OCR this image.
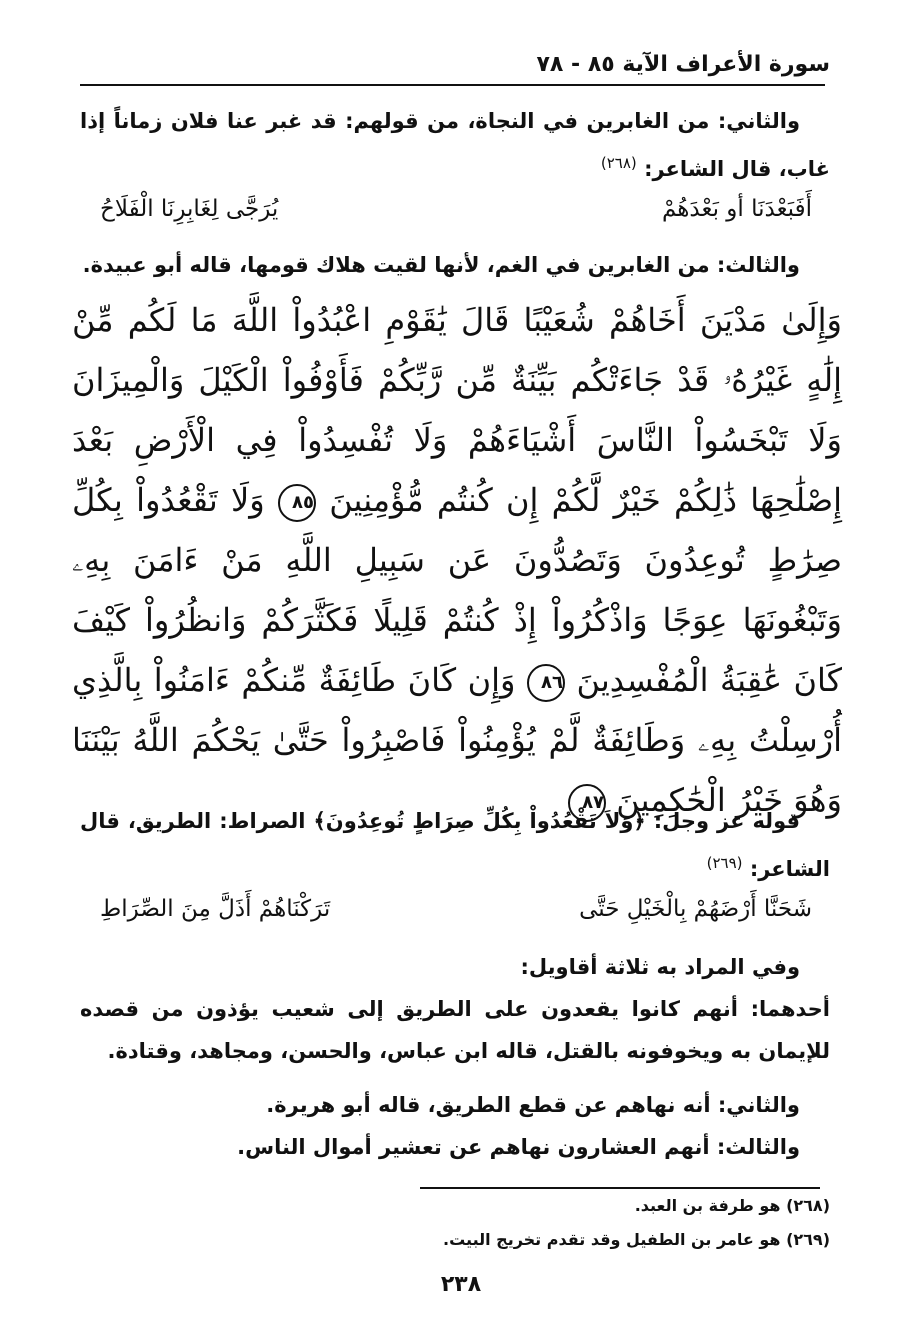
سورة الأعراف الآية ٨٥ - ٧٨
والثاني: من الغابرين في النجاة، من قولهم: قد غبر عنا فلان زماناً إذا غاب، قال الشاعر: $^{(٢٦٨)}$
أَفَبَعْدَنَا أو بَعْدَهُمْ
يُرَجَّى لِغَابِرِنَا الْفَلَاحُ
والثالث: من الغابرين في الغم، لأنها لقيت هلاك قومها، قاله أبو عبيدة.
وَإِلَىٰ مَدْيَنَ أَخَاهُمْ شُعَيْبًا قَالَ يَٰقَوْمِ اعْبُدُواْ اللَّهَ مَا لَكُم مِّنْ إِلَٰهٍ غَيْرُهُۥ قَدْ جَاءَتْكُم بَيِّنَةٌ مِّن رَّبِّكُمْ فَأَوْفُواْ الْكَيْلَ وَالْمِيزَانَ وَلَا تَبْخَسُواْ النَّاسَ أَشْيَاءَهُمْ وَلَا تُفْسِدُواْ فِي الْأَرْضِ بَعْدَ إِصْلَٰحِهَا ذَٰلِكُمْ خَيْرٌ لَّكُمْ إِن كُنتُم مُّؤْمِنِينَ ٨٥ وَلَا تَقْعُدُواْ بِكُلِّ صِرَٰطٍ تُوعِدُونَ وَتَصُدُّونَ عَن سَبِيلِ اللَّهِ مَنْ ءَامَنَ بِهِۦ وَتَبْغُونَهَا عِوَجًا وَاذْكُرُواْ إِذْ كُنتُمْ قَلِيلًا فَكَثَّرَكُمْ وَانظُرُواْ كَيْفَ كَانَ عَٰقِبَةُ الْمُفْسِدِينَ ٨٦ وَإِن كَانَ طَائِفَةٌ مِّنكُمْ ءَامَنُواْ بِالَّذِي أُرْسِلْتُ بِهِۦ وَطَائِفَةٌ لَّمْ يُؤْمِنُواْ فَاصْبِرُواْ حَتَّىٰ يَحْكُمَ اللَّهُ بَيْنَنَا وَهُوَ خَيْرُ الْحَٰكِمِينَ ٨٧
قوله عز وجل: ﴿وَلاَ تَقْعُدُواْ بِكُلِّ صِرَاطٍ تُوعِدُونَ﴾ الصراط: الطريق، قال الشاعر: $^{(٢٦٩)}$
شَحَنَّا أَرْضَهُمْ بِالْخَيْلِ حَتَّى
تَرَكْنَاهُمْ أَذَلَّ مِنَ الصِّرَاطِ
وفي المراد به ثلاثة أقاويل:
أحدهما: أنهم كانوا يقعدون على الطريق إلى شعيب يؤذون من قصده للإيمان به ويخوفونه بالقتل، قاله ابن عباس، والحسن، ومجاهد، وقتادة.
والثاني: أنه نهاهم عن قطع الطريق، قاله أبو هريرة.
والثالث: أنهم العشارون نهاهم عن تعشير أموال الناس.
(٢٦٨) هو طرفة بن العبد.
(٢٦٩) هو عامر بن الطفيل وقد تقدم تخريج البيت.
٢٣٨
